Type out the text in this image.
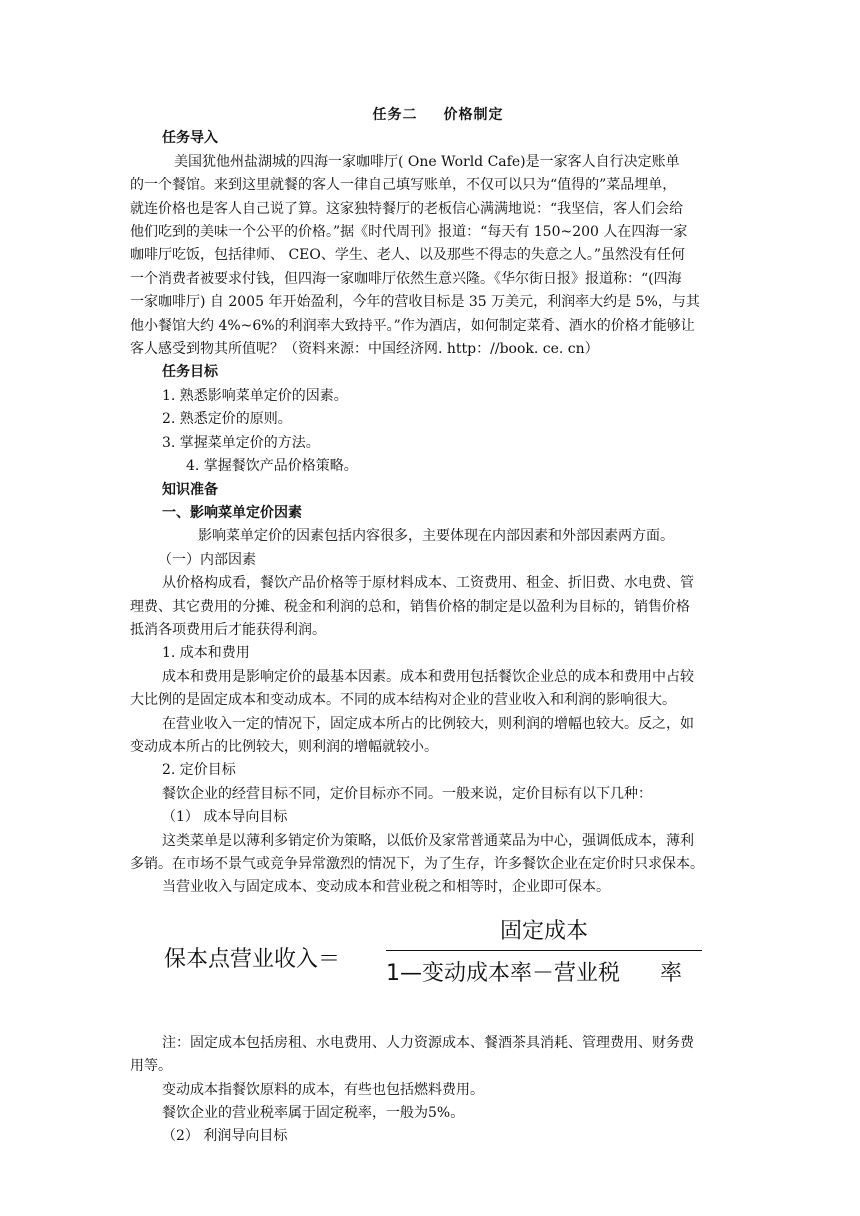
任务二 价格制定
任务导入
美国犹他州盐湖城的四海一家咖啡厅( One World Cafe)是一家客人自行决定账单
的一个餐馆。来到这里就餐的客人一律自己填写账单，不仅可以只为“值得的”菜品埋单，
就连价格也是客人自己说了算。这家独特餐厅的老板信心满满地说：“我坚信，客人们会给
他们吃到的美味一个公平的价格。”据《时代周刊》报道：“每天有 150~200 人在四海一家
咖啡厅吃饭，包括律师、 CEO、学生、老人、以及那些不得志的失意之人。”虽然没有任何
一个消费者被要求付钱，但四海一家咖啡厅依然生意兴隆。《华尔街日报》报道称：“(四海
一家咖啡厅) 自 2005 年开始盈利，今年的营收目标是 35 万美元，利润率大约是 5%，与其
他小餐馆大约 4%~6%的利润率大致持平。”作为酒店，如何制定菜肴、酒水的价格才能够让
客人感受到物其所值呢？（资料来源：中国经济网. http：//book. ce. cn）
任务目标
1. 熟悉影响菜单定价的因素。
2. 熟悉定价的原则。
3. 掌握菜单定价的方法。
4. 掌握餐饮产品价格策略。
知识准备
一、影响菜单定价因素
影响菜单定价的因素包括内容很多，主要体现在内部因素和外部因素两方面。
（一）内部因素
从价格构成看，餐饮产品价格等于原材料成本、工资费用、租金、折旧费、水电费、管
理费、其它费用的分摊、税金和利润的总和，销售价格的制定是以盈利为目标的，销售价格
抵消各项费用后才能获得利润。
1. 成本和费用
成本和费用是影响定价的最基本因素。成本和费用包括餐饮企业总的成本和费用中占较
大比例的是固定成本和变动成本。不同的成本结构对企业的营业收入和利润的影响很大。
在营业收入一定的情况下，固定成本所占的比例较大，则利润的增幅也较大。反之，如
变动成本所占的比例较大，则利润的增幅就较小。
2. 定价目标
餐饮企业的经营目标不同，定价目标亦不同。一般来说，定价目标有以下几种：
（1） 成本导向目标
这类菜单是以薄利多销定价为策略，以低价及家常普通菜品为中心，强调低成本，薄利
多销。在市场不景气或竞争异常激烈的情况下，为了生存，许多餐饮企业在定价时只求保本。
当营业收入与固定成本、变动成本和营业税之和相等时，企业即可保本。
保本点营业收入＝
固定成本
1—变动成本率－营业税 率
注：固定成本包括房租、水电费用、人力资源成本、餐酒茶具消耗、管理费用、财务费
用等。
变动成本指餐饮原料的成本，有些也包括燃料费用。
餐饮企业的营业税率属于固定税率，一般为5%。
（2） 利润导向目标
